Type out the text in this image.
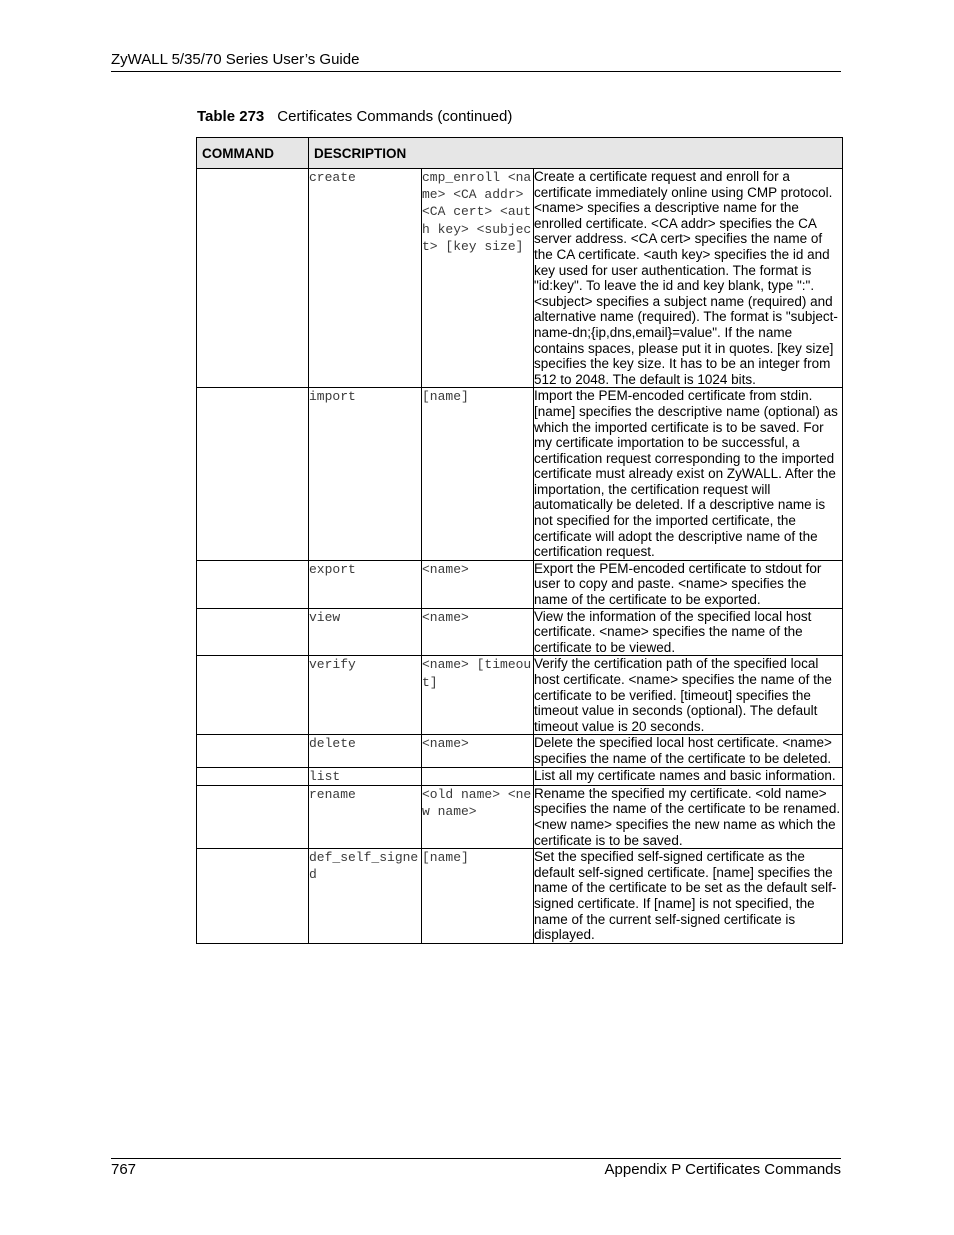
ZyWALL 5/35/70 Series User’s Guide
Table 273 Certificates Commands (continued)
COMMAND	DESCRIPTION		
	create	cmp_enroll <name> <CA addr> <CA cert> <auth key> <subject> [key size]	Create a certificate request and enroll for a certificate immediately online using CMP protocol. <name> specifies a descriptive name for the enrolled certificate. <CA addr> specifies the CA server address. <CA cert> specifies the name of the CA certificate. <auth key> specifies the id and key used for user authentication. The format is "id:key". To leave the id and key blank, type ":". <subject> specifies a subject name (required) and alternative name (required). The format is "subject-name-dn;{ip,dns,email}=value". If the name contains spaces, please put it in quotes. [key size] specifies the key size. It has to be an integer from 512 to 2048. The default is 1024 bits.
	import	[name]	Import the PEM-encoded certificate from stdin. [name] specifies the descriptive name (optional) as which the imported certificate is to be saved. For my certificate importation to be successful, a certification request corresponding to the imported certificate must already exist on ZyWALL. After the importation, the certification request will automatically be deleted. If a descriptive name is not specified for the imported certificate, the certificate will adopt the descriptive name of the certification request.
	export	<name>	Export the PEM-encoded certificate to stdout for user to copy and paste. <name> specifies the name of the certificate to be exported.
	view	<name>	View the information of the specified local host certificate. <name> specifies the name of the certificate to be viewed.
	verify	<name> [timeout]	Verify the certification path of the specified local host certificate. <name> specifies the name of the certificate to be verified. [timeout] specifies the timeout value in seconds (optional). The default timeout value is 20 seconds.
	delete	<name>	Delete the specified local host certificate. <name> specifies the name of the certificate to be deleted.
	list		List all my certificate names and basic information.
	rename	<old name> <new name>	Rename the specified my certificate. <old name> specifies the name of the certificate to be renamed. <new name> specifies the new name as which the certificate is to be saved.
	def_self_signed	[name]	Set the specified self-signed certificate as the default self-signed certificate. [name] specifies the name of the certificate to be set as the default self-signed certificate. If [name] is not specified, the name of the current self-signed certificate is displayed.
767	Appendix P Certificates Commands
